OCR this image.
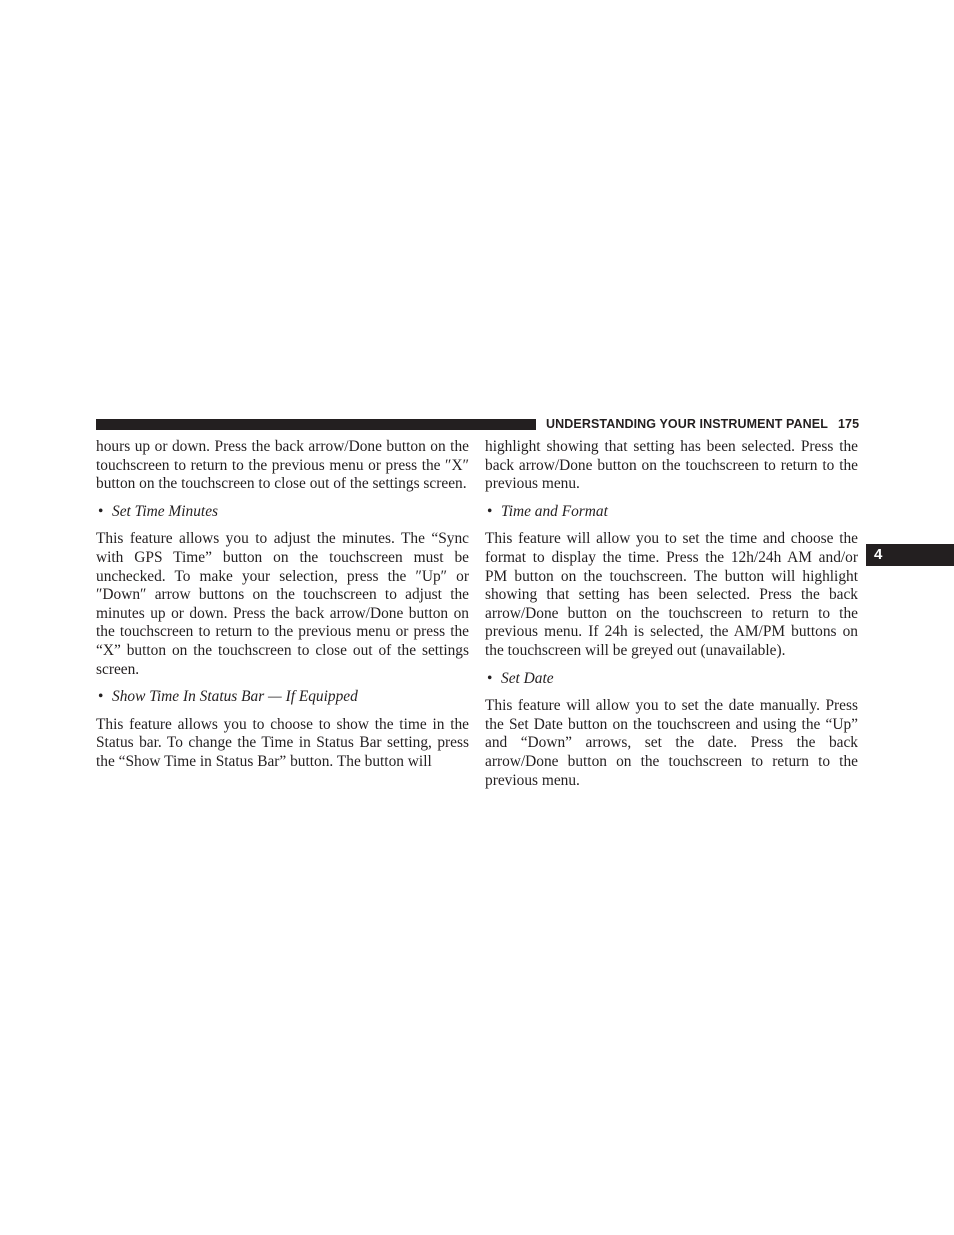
UNDERSTANDING YOUR INSTRUMENT PANEL 175
4

hours up or down. Press the back arrow/Done button on the touchscreen to return to the previous menu or press the ″X″ button on the touchscreen to close out of the settings screen.

• Set Time Minutes

This feature allows you to adjust the minutes. The “Sync with GPS Time” button on the touchscreen must be unchecked. To make your selection, press the ″Up″ or ″Down″ arrow buttons on the touchscreen to adjust the minutes up or down. Press the back arrow/Done button on the touchscreen to return to the previous menu or press the “X” button on the touchscreen to close out of the settings screen.

• Show Time In Status Bar — If Equipped

This feature allows you to choose to show the time in the Status bar. To change the Time in Status Bar setting, press the “Show Time in Status Bar” button. The button will

highlight showing that setting has been selected. Press the back arrow/Done button on the touchscreen to return to the previous menu.

• Time and Format

This feature will allow you to set the time and choose the format to display the time. Press the 12h/24h AM and/or PM button on the touchscreen. The button will highlight showing that setting has been selected. Press the back arrow/Done button on the touchscreen to return to the previous menu. If 24h is selected, the AM/PM buttons on the touchscreen will be greyed out (unavailable).

• Set Date

This feature will allow you to set the date manually. Press the Set Date button on the touchscreen and using the “Up” and “Down” arrows, set the date. Press the back arrow/Done button on the touchscreen to return to the previous menu.
